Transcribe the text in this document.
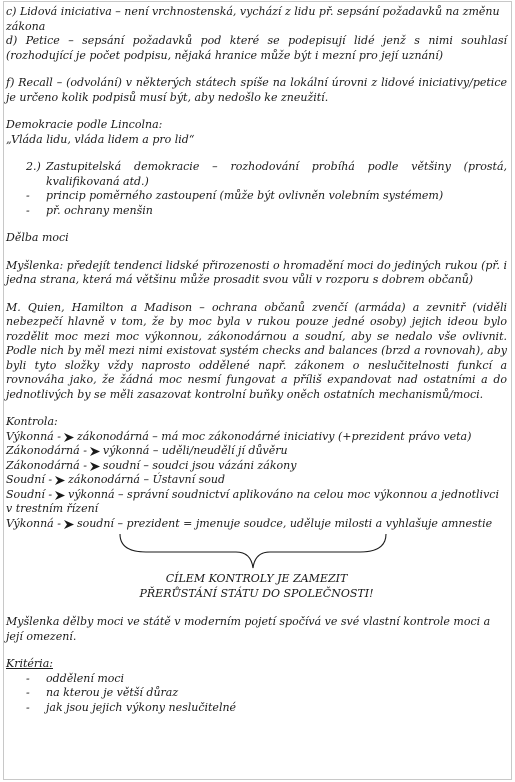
c) Lidová iniciativa – není vrchnostenská, vychází z lidu př. sepsání požadavků na změnu

zákona

d) Petice – sepsání požadavků pod které se podepisují lidé jenž s nimi souhlasí (rozhodující je počet podpisu, nějaká hranice může být i mezní pro její uznání)

f) Recall – (odvolání) v některých státech spíše na lokální úrovni z lidové iniciativy/petice je určeno kolik podpisů musí být, aby nedošlo ke zneužití.

Demokracie podle Lincolna:

„Vláda lidu, vláda lidem a pro lid“

2.) Zastupitelská demokracie – rozhodování probíhá podle většiny (prostá, kvalifikovaná atd.)
-	princip poměrného zastoupení (může být ovlivněn volebním systémem)
-	př. ochrany menšin

Dělba moci

Myšlenka: předejít tendenci lidské přirozenosti o hromadění moci do jediných rukou (př. i jedna strana, která má většinu může prosadit svou vůli v rozporu s dobrem občanů)

M. Quien, Hamilton a Madison – ochrana občanů zvenčí (armáda) a zevnitř (viděli nebezpečí hlavně v tom, že by moc byla v rukou pouze jedné osoby) jejich ideou bylo rozdělit moc mezi moc výkonnou, zákonodárnou a soudní, aby se nedalo vše ovlivnit. Podle nich by měl mezi nimi existovat systém checks and balances (brzd a rovnovah), aby byli tyto složky vždy naprosto oddělené např. zákonem o neslučitelnosti funkcí a rovnováha jako, že žádná moc nesmí fungovat a příliš expandovat nad ostatními a do jednotlivých by se měli zasazovat kontrolní buňky oněch ostatních mechanismů/moci.

Kontrola:

Výkonná - zákonodárná – má moc zákonodárné iniciativy (+prezident právo veta)
Zákonodárná - výkonná – uděli/neudělí jí důvěru
Zákonodárná - soudní – soudci jsou vázáni zákony
Soudní - zákonodárná – Ústavní soud
Soudní - výkonná – správní soudnictví aplikováno na celou moc výkonnou a jednotlivci

v trestním řízení

Výkonná - soudní – prezident = jmenuje soudce, uděluje milosti a vyhlašuje amnestie
CÍLEM KONTROLY JE ZAMEZIT
PŘERŮSTÁNÍ STÁTU DO SPOLEČNOSTI!

Myšlenka dělby moci ve státě v moderním pojetí spočívá ve své vlastní kontrole moci a její omezení.

Kritéria:

-	oddělení moci
-	na kterou je větší důraz
-	jak jsou jejich výkony neslučitelné
